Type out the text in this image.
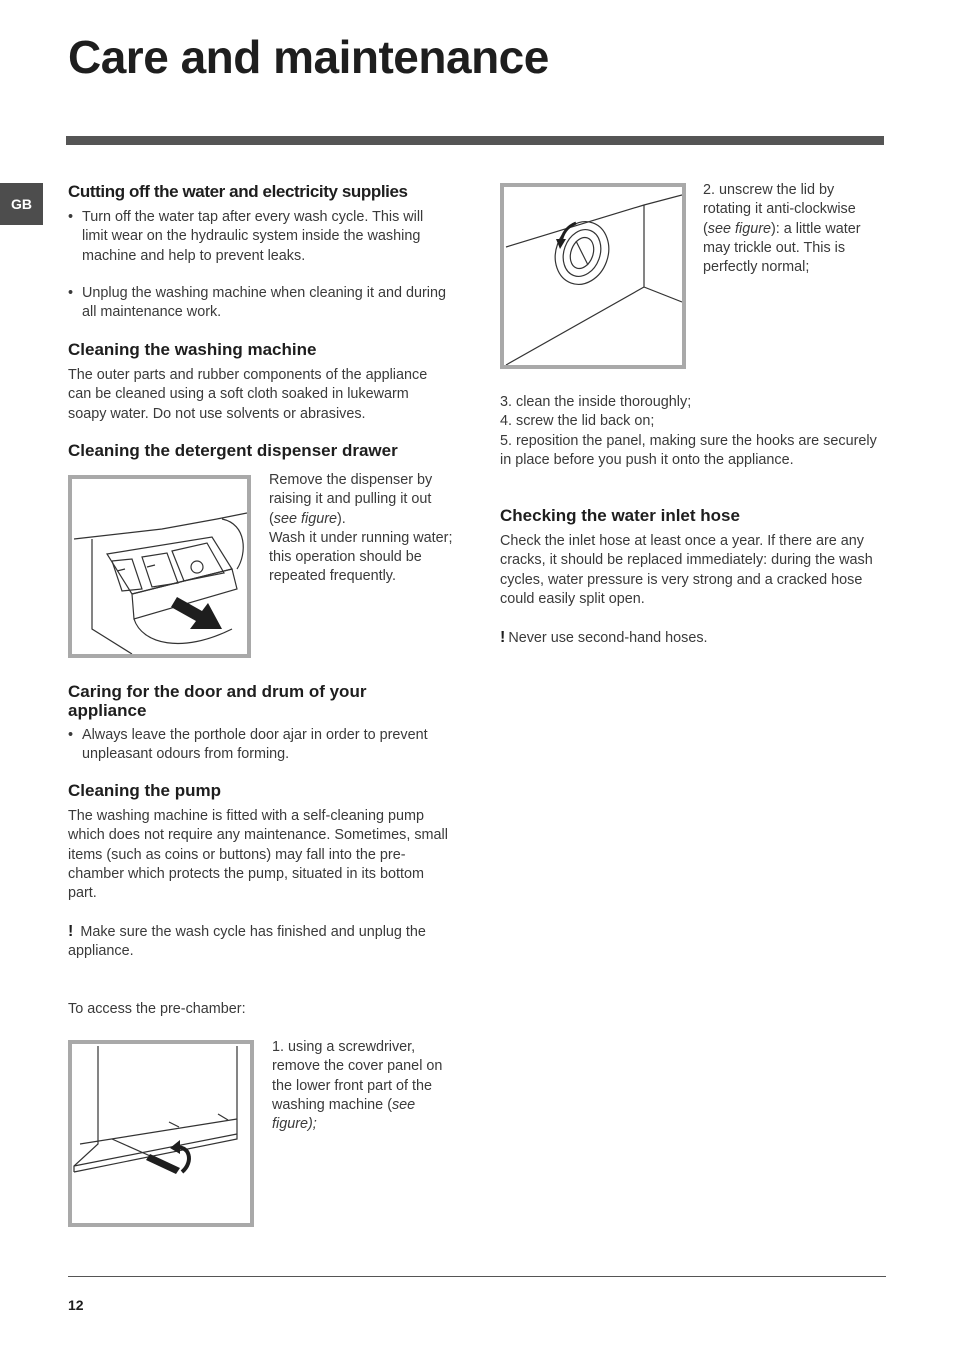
Care and maintenance
GB
Cutting off the water and electricity supplies
• Turn off the water tap after every wash cycle. This will limit wear on the hydraulic system inside the washing machine and help to prevent leaks.
• Unplug the washing machine when cleaning it and during all maintenance work.
Cleaning the washing machine

The outer parts and rubber components of the appliance can be cleaned using a soft cloth soaked in lukewarm soapy water. Do not use solvents or abrasives.

Cleaning the detergent dispenser drawer

Remove the dispenser by raising it and pulling it out (see figure).
Wash it under running water; this operation should be repeated frequently.

Caring for the door and drum of your
appliance
• Always leave the porthole door ajar in order to prevent unpleasant odours from forming.
Cleaning the pump

The washing machine is fitted with a self-cleaning pump which does not require any maintenance. Sometimes, small items (such as coins or buttons) may fall into the pre-chamber which protects the pump, situated in its bottom part.

! Make sure the wash cycle has finished and unplug the appliance.

To access the pre-chamber:

1. using a screwdriver, remove the cover panel on the lower front part of the washing machine (see figure);

2. unscrew the lid by rotating it anti-clockwise (see figure): a little water may trickle out. This is perfectly normal;

3. clean the inside thoroughly;
4. screw the lid back on;
5. reposition the panel, making sure the hooks are securely in place before you push it onto the appliance.

Checking the water inlet hose

Check the inlet hose at least once a year. If there are any cracks, it should be replaced immediately: during the wash cycles, water pressure is very strong and a cracked hose could easily split open.

! Never use second-hand hoses.

12
